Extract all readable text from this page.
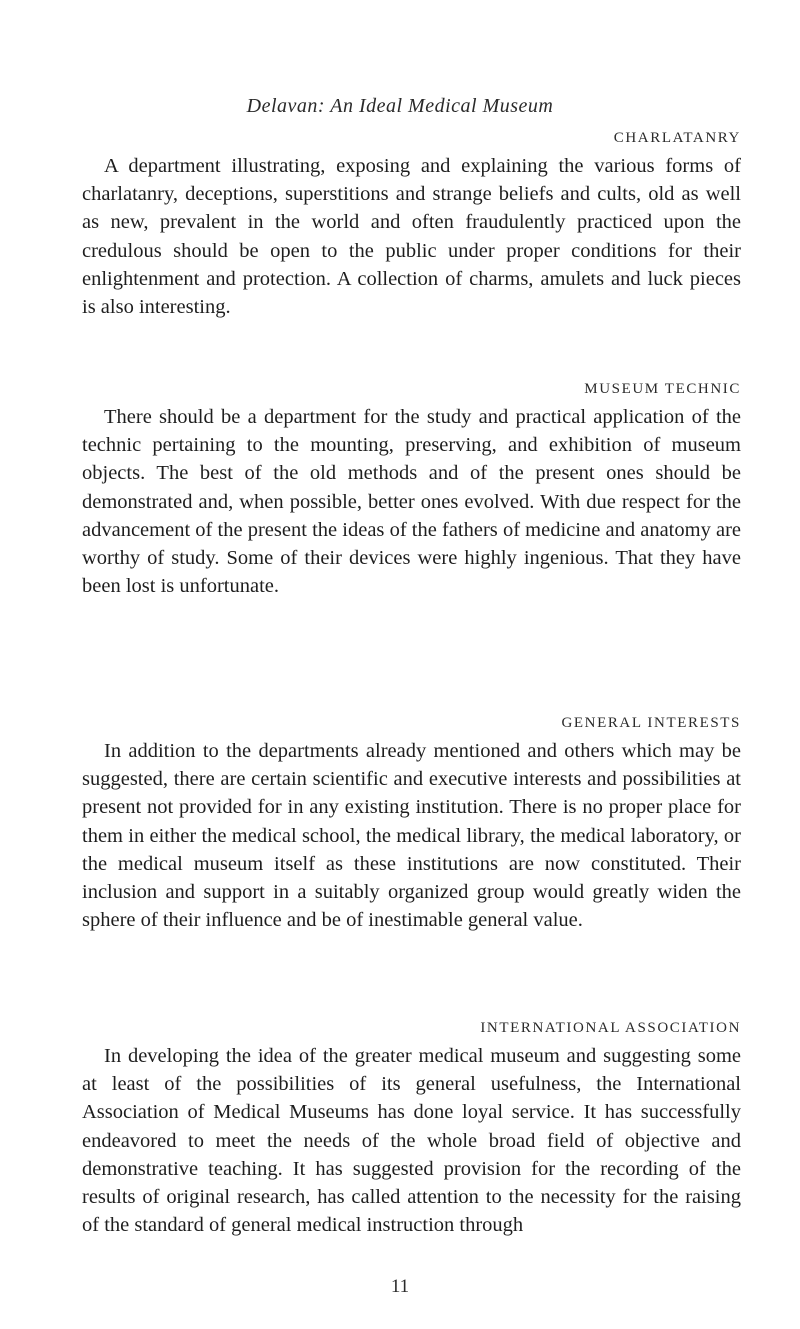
Delavan: An Ideal Medical Museum
CHARLATANRY

A department illustrating, exposing and explaining the various forms of charlatanry, deceptions, superstitions and strange beliefs and cults, old as well as new, prevalent in the world and often fraudulently practiced upon the credulous should be open to the public under proper conditions for their enlightenment and protection. A collection of charms, amulets and luck pieces is also interesting.

MUSEUM TECHNIC

There should be a department for the study and practical application of the technic pertaining to the mounting, preserving, and exhibition of museum objects. The best of the old methods and of the present ones should be demonstrated and, when possible, better ones evolved. With due respect for the advancement of the present the ideas of the fathers of medicine and anatomy are worthy of study. Some of their devices were highly ingenious. That they have been lost is unfortunate.

GENERAL INTERESTS

In addition to the departments already mentioned and others which may be suggested, there are certain scientific and executive interests and possibilities at present not provided for in any existing institution. There is no proper place for them in either the medical school, the medical library, the medical laboratory, or the medical museum itself as these institutions are now constituted. Their inclusion and support in a suitably organized group would greatly widen the sphere of their influence and be of inestimable general value.

INTERNATIONAL ASSOCIATION

In developing the idea of the greater medical museum and suggesting some at least of the possibilities of its general usefulness, the International Association of Medical Museums has done loyal service. It has successfully endeavored to meet the needs of the whole broad field of objective and demonstrative teaching. It has suggested provision for the recording of the results of original research, has called attention to the necessity for the raising of the standard of general medical instruction through

11
